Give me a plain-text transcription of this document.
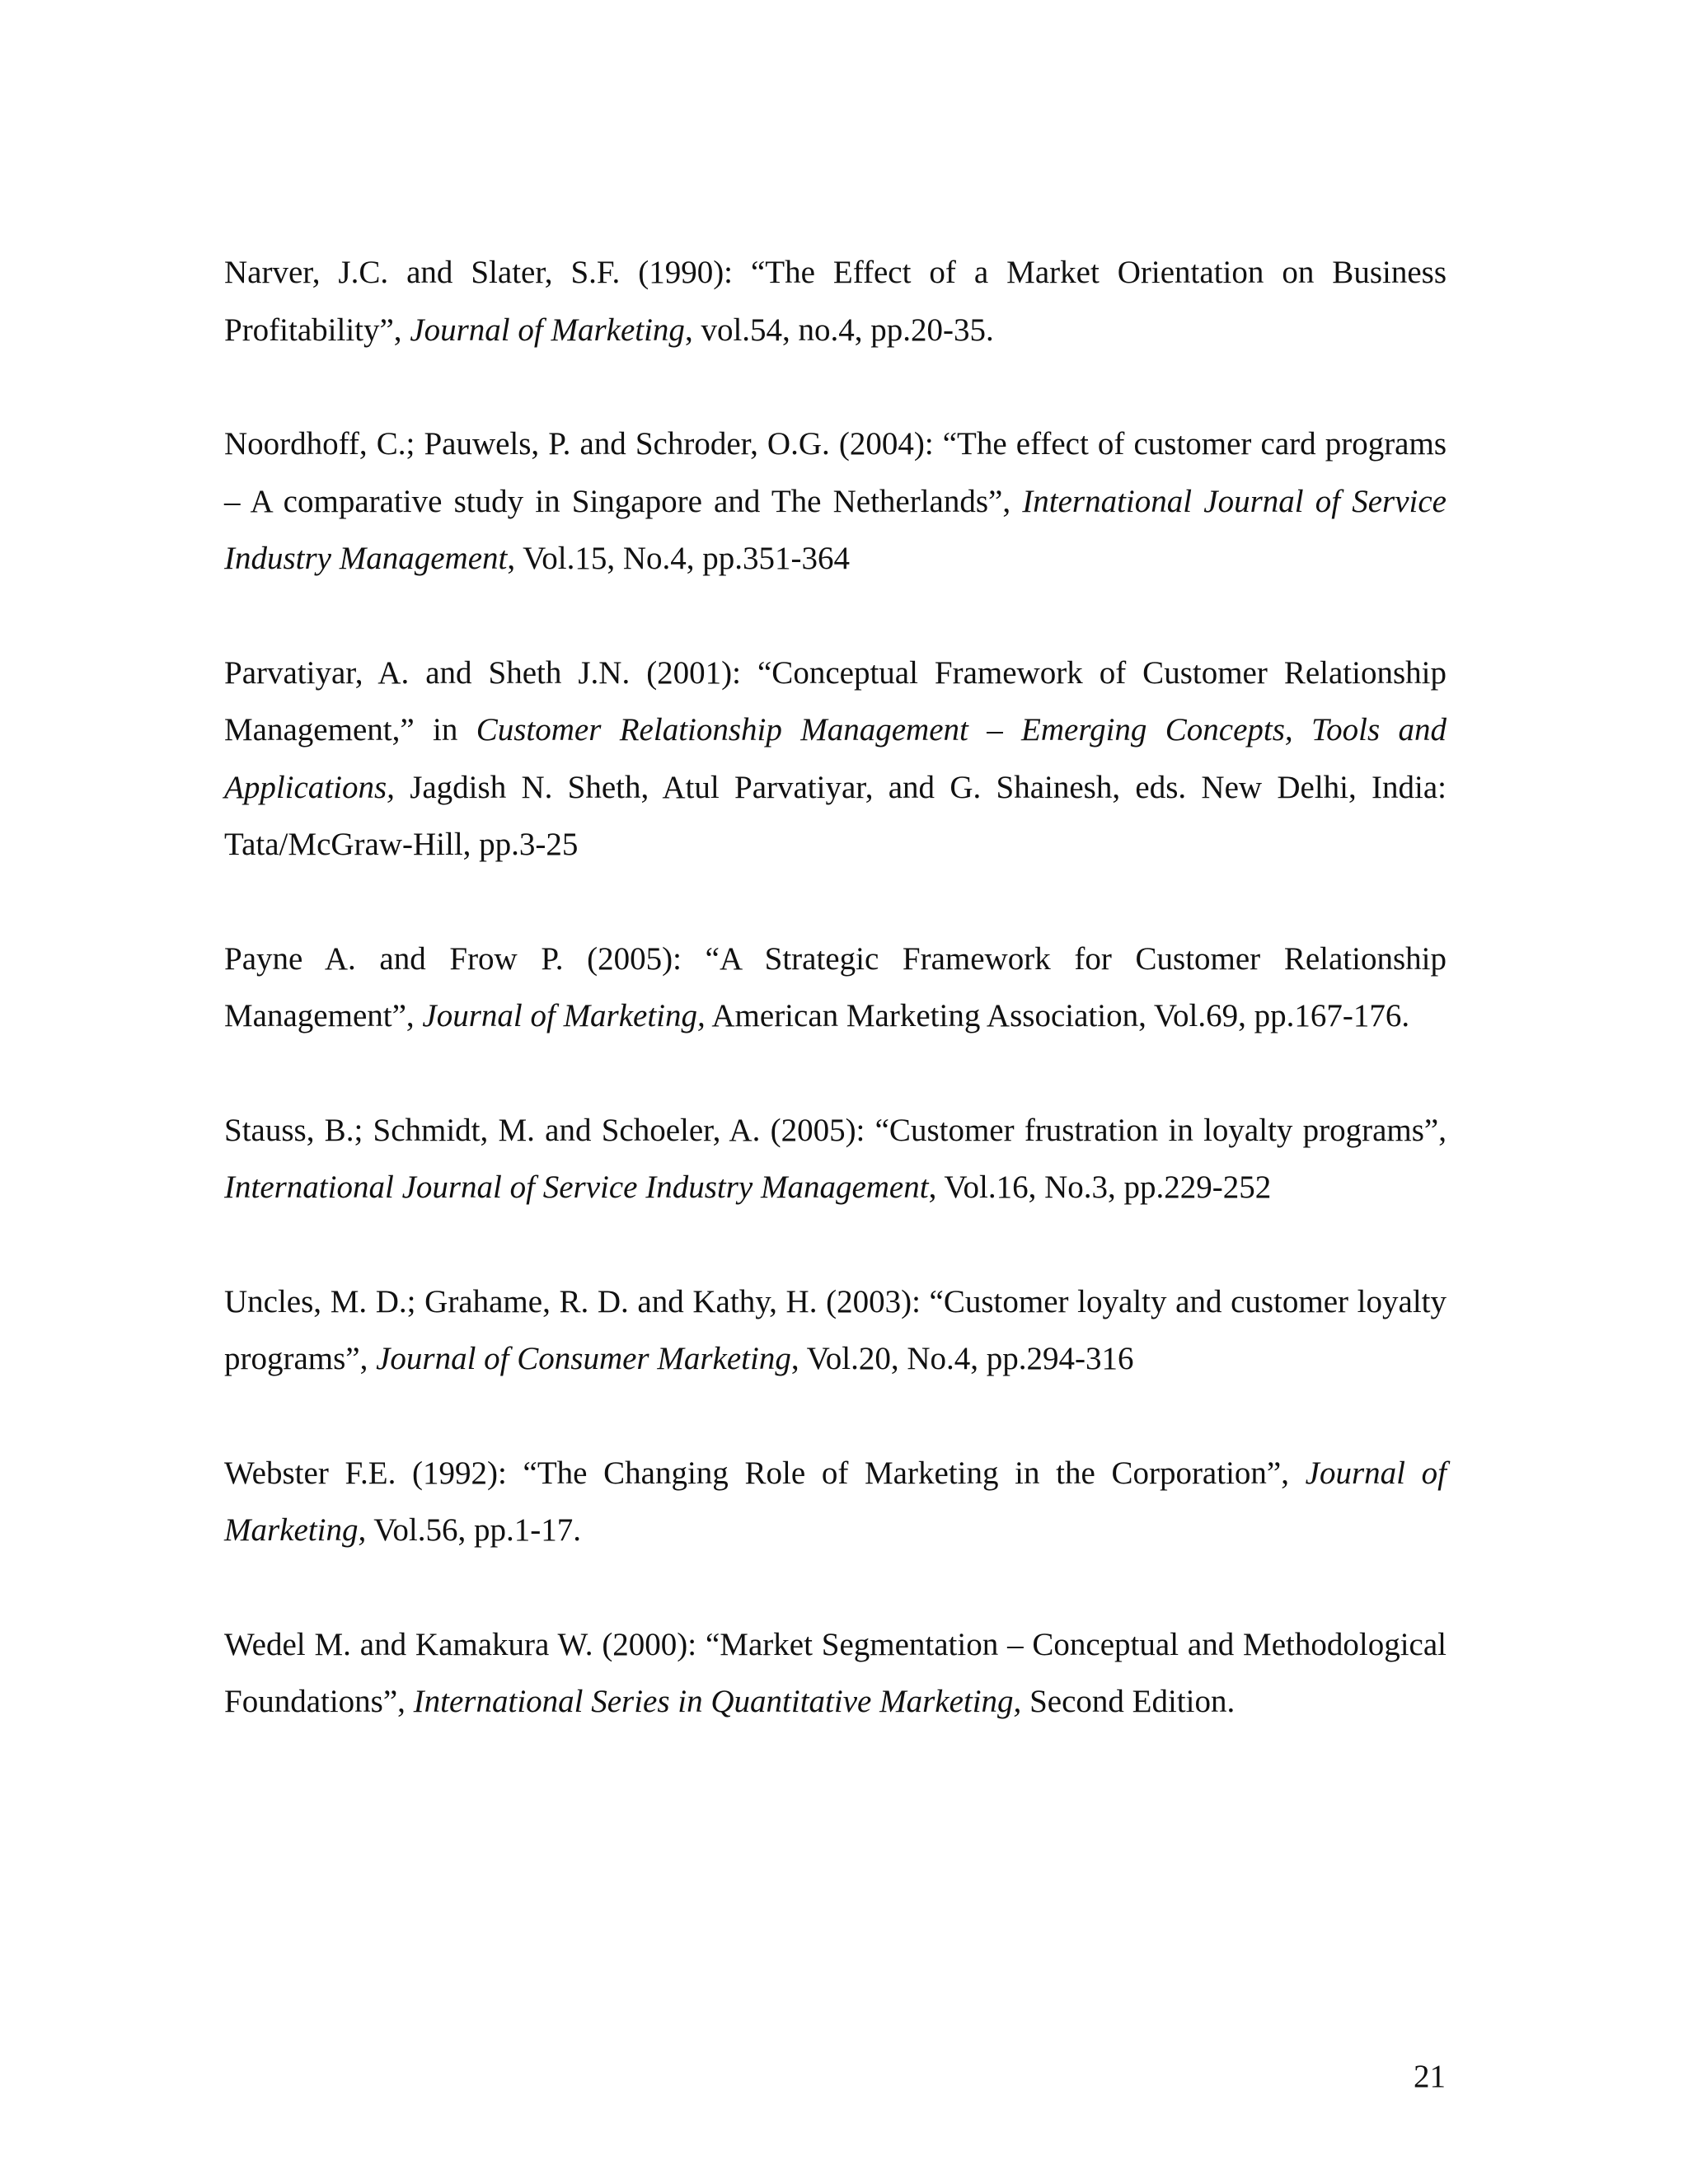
Narver, J.C. and Slater, S.F. (1990): “The Effect of a Market Orientation on Business Profitability”, Journal of Marketing, vol.54, no.4, pp.20-35.

Noordhoff, C.; Pauwels, P. and Schroder, O.G. (2004): “The effect of customer card programs – A comparative study in Singapore and The Netherlands”, International Journal of Service Industry Management, Vol.15, No.4, pp.351-364

Parvatiyar, A. and Sheth J.N. (2001): “Conceptual Framework of Customer Relationship Management,” in Customer Relationship Management – Emerging Concepts, Tools and Applications, Jagdish N. Sheth, Atul Parvatiyar, and G. Shainesh, eds. New Delhi, India: Tata/McGraw-Hill, pp.3-25

Payne A. and Frow P. (2005): “A Strategic Framework for Customer Relationship Management”, Journal of Marketing, American Marketing Association, Vol.69, pp.167-176.

Stauss, B.; Schmidt, M. and Schoeler, A. (2005): “Customer frustration in loyalty programs”, International Journal of Service Industry Management, Vol.16, No.3, pp.229-252

Uncles, M. D.; Grahame, R. D. and Kathy, H. (2003): “Customer loyalty and customer loyalty programs”, Journal of Consumer Marketing, Vol.20, No.4, pp.294-316

Webster F.E. (1992): “The Changing Role of Marketing in the Corporation”, Journal of Marketing, Vol.56, pp.1-17.

Wedel M. and Kamakura W. (2000): “Market Segmentation – Conceptual and Methodological Foundations”, International Series in Quantitative Marketing, Second Edition.

21
